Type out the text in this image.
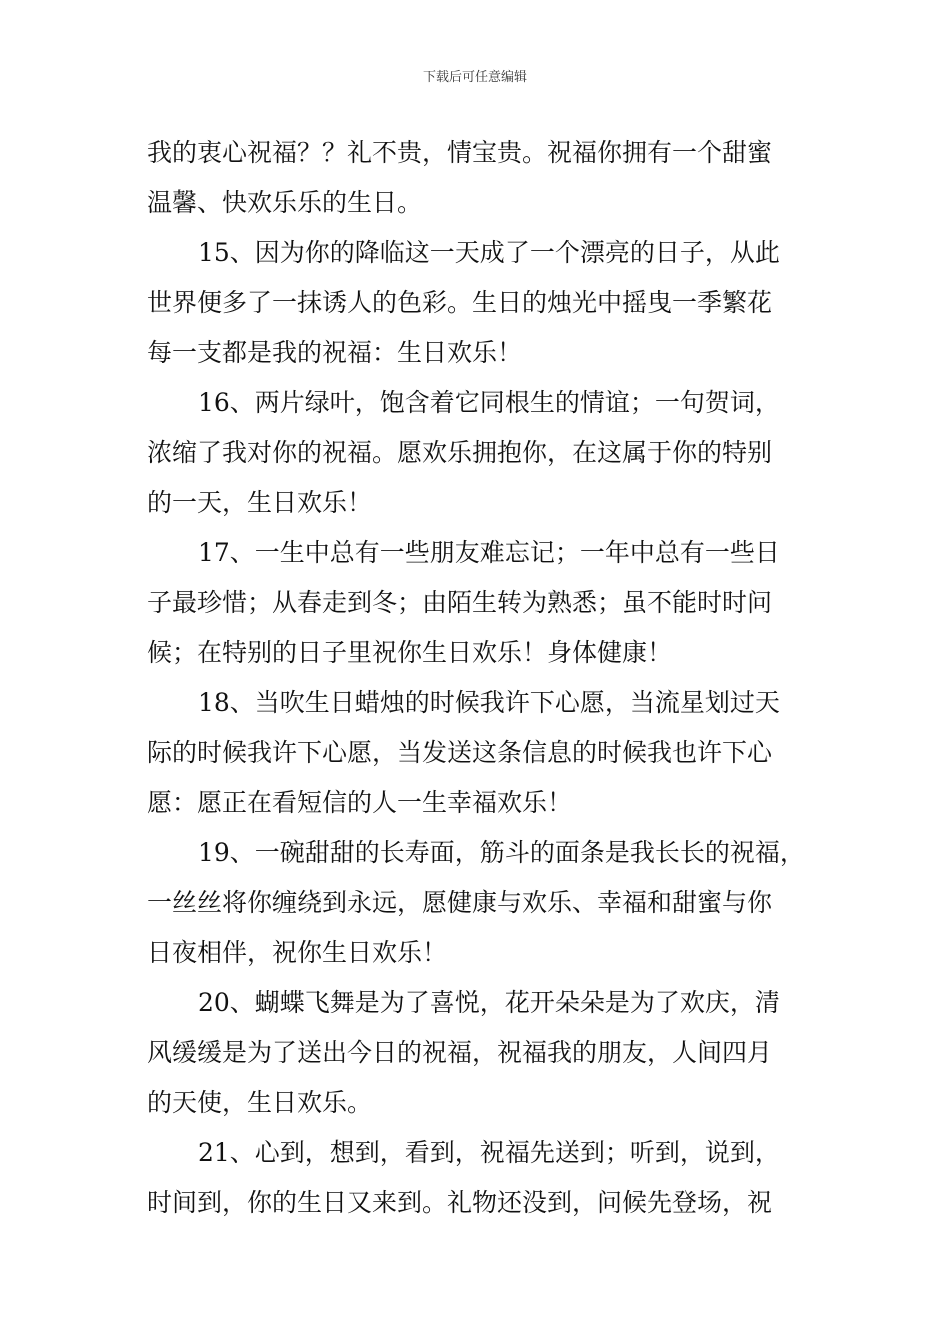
下载后可任意编辑
我的衷心祝福？？礼不贵，情宝贵。祝福你拥有一个甜蜜
温馨、快欢乐乐的生日。
15、因为你的降临这一天成了一个漂亮的日子，从此
世界便多了一抹诱人的色彩。生日的烛光中摇曳一季繁花
每一支都是我的祝福：生日欢乐！
16、两片绿叶，饱含着它同根生的情谊；一句贺词，
浓缩了我对你的祝福。愿欢乐拥抱你，在这属于你的特别
的一天，生日欢乐！
17、一生中总有一些朋友难忘记；一年中总有一些日
子最珍惜；从春走到冬；由陌生转为熟悉；虽不能时时问
候；在特别的日子里祝你生日欢乐！身体健康！
18、当吹生日蜡烛的时候我许下心愿，当流星划过天
际的时候我许下心愿，当发送这条信息的时候我也许下心
愿：愿正在看短信的人一生幸福欢乐！
19、一碗甜甜的长寿面，筋斗的面条是我长长的祝福，
一丝丝将你缠绕到永远，愿健康与欢乐、幸福和甜蜜与你
日夜相伴，祝你生日欢乐！
20、蝴蝶飞舞是为了喜悦，花开朵朵是为了欢庆，清
风缓缓是为了送出今日的祝福，祝福我的朋友，人间四月
的天使，生日欢乐。
21、心到，想到，看到，祝福先送到；听到，说到，
时间到，你的生日又来到。礼物还没到，问候先登场，祝
